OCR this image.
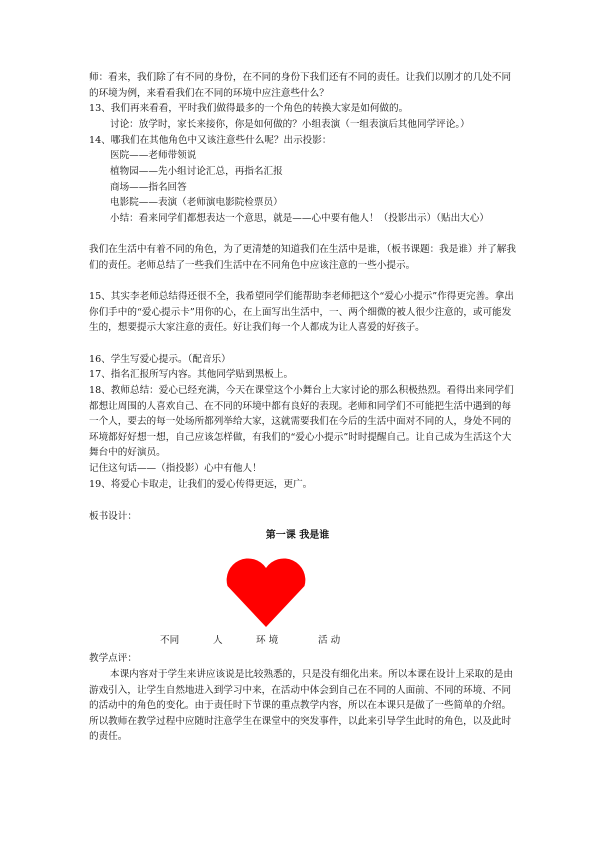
师：看来，我们除了有不同的身份，在不同的身份下我们还有不同的责任。让我们以刚才的几处不同的环境为例，来看看我们在不同的环境中应注意些什么？

13、我们再来看看，平时我们做得最多的一个角色的转换大家是如何做的。

讨论：放学时，家长来接你，你是如何做的？小组表演（一组表演后其他同学评论。）

14、哪我们在其他角色中又该注意些什么呢？出示投影：

医院——老师带领说

植物园——先小组讨论汇总，再指名汇报

商场——指名回答

电影院——表演（老师演电影院检票员）

小结：看来同学们都想表达一个意思，就是——心中要有他人！（投影出示）（贴出大心）

我们在生活中有着不同的角色，为了更清楚的知道我们在生活中是谁，（板书课题：我是谁）并了解我们的责任。老师总结了一些我们生活中在不同角色中应该注意的一些小提示。

15、其实李老师总结得还很不全，我希望同学们能帮助李老师把这个“爱心小提示”作得更完善。拿出你们手中的“爱心提示卡”用你的心，在上面写出生活中，一、两个细微的被人很少注意的，或可能发生的，想要提示大家注意的责任。好让我们每一个人都成为让人喜爱的好孩子。

16、学生写爱心提示。（配音乐）

17、指名汇报所写内容。其他同学贴到黑板上。

18、教师总结：爱心已经充满，今天在课堂这个小舞台上大家讨论的那么积极热烈。看得出来同学们都想让周围的人喜欢自己、在不同的环境中都有良好的表现。老师和同学们不可能把生活中遇到的每一个人，要去的每一处场所都列举给大家，这就需要我们在今后的生活中面对不同的人，身处不同的环境都好好想一想，自己应该怎样做，有我们的“爱心小提示”时时提醒自己。让自己成为生活这个大舞台中的好演员。

记住这句话——（指投影）心中有他人！

19、将爱心卡取走，让我们的爱心传得更远，更广。

板书设计：

第一课 我是谁
不同	人	环 境	活 动

教学点评：

本课内容对于学生来讲应该说是比较熟悉的，只是没有细化出来。所以本课在设计上采取的是由游戏引入，让学生自然地进入到学习中来，在活动中体会到自己在不同的人面前、不同的环境、不同的活动中的角色的变化。由于责任时下节课的重点教学内容，所以在本课只是做了一些简单的介绍。所以教师在教学过程中应随时注意学生在课堂中的突发事件，以此来引导学生此时的角色，以及此时的责任。
